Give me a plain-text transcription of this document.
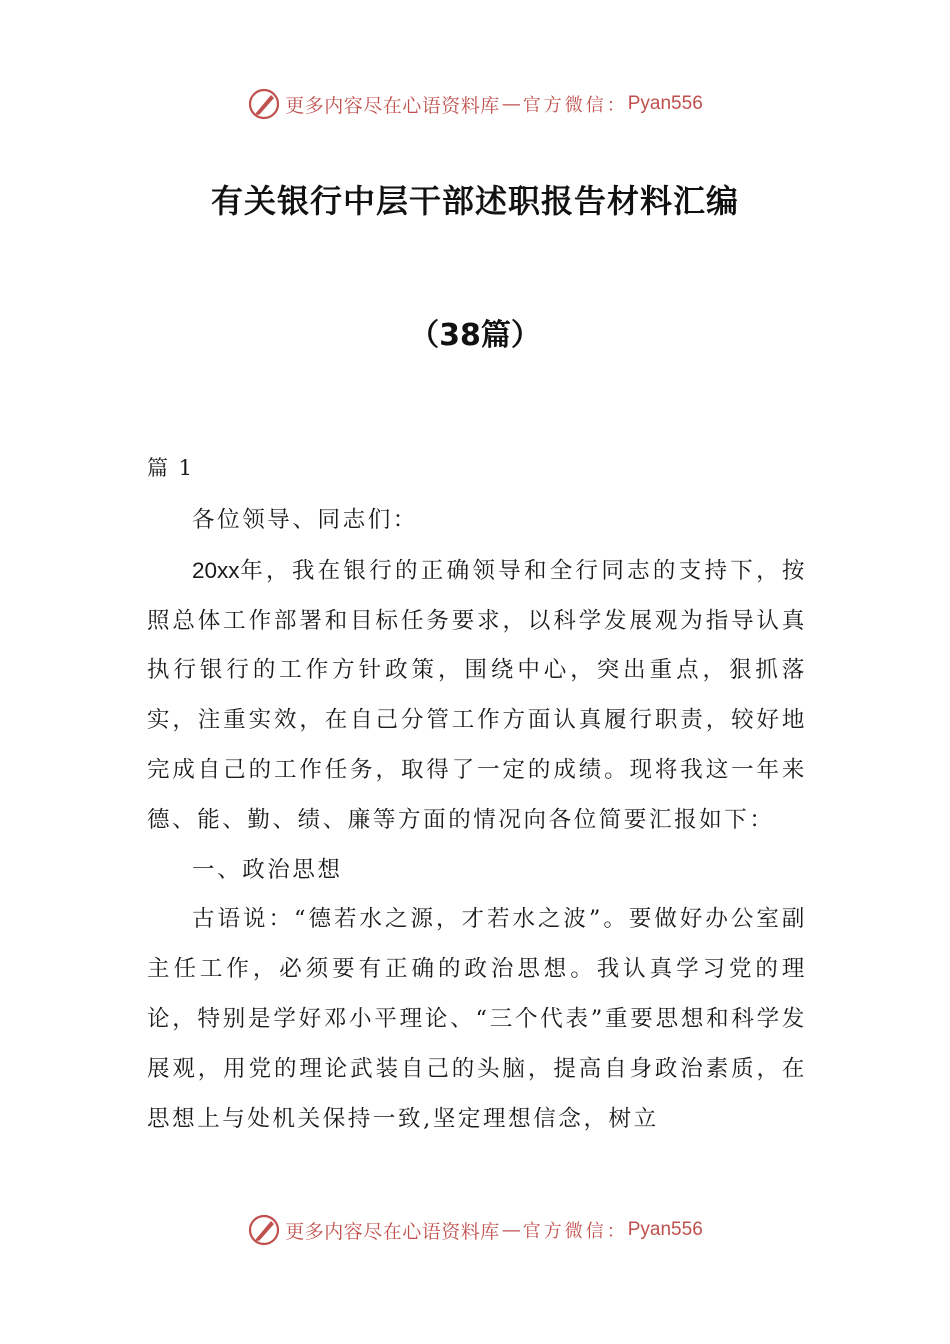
更多内容尽在心语资料库 — 官方微信： Pyan556
有关银行中层干部述职报告材料汇编
（38篇）
篇 1

各位领导、同志们：

20xx年，我在银行的正确领导和全行同志的支持下，按照总体工作部署和目标任务要求，以科学发展观为指导认真执行银行的工作方针政策，围绕中心，突出重点，狠抓落实，注重实效，在自己分管工作方面认真履行职责，较好地完成自己的工作任务，取得了一定的成绩。现将我这一年来德、能、勤、绩、廉等方面的情况向各位简要汇报如下：

一、政治思想

古语说：“德若水之源，才若水之波”。要做好办公室副主任工作，必须要有正确的政治思想。我认真学习党的理论，特别是学好邓小平理论、“三个代表”重要思想和科学发展观，用党的理论武装自己的头脑，提高自身政治素质，在思想上与处机关保持一致,坚定理想信念，树立

更多内容尽在心语资料库 — 官方微信： Pyan556
